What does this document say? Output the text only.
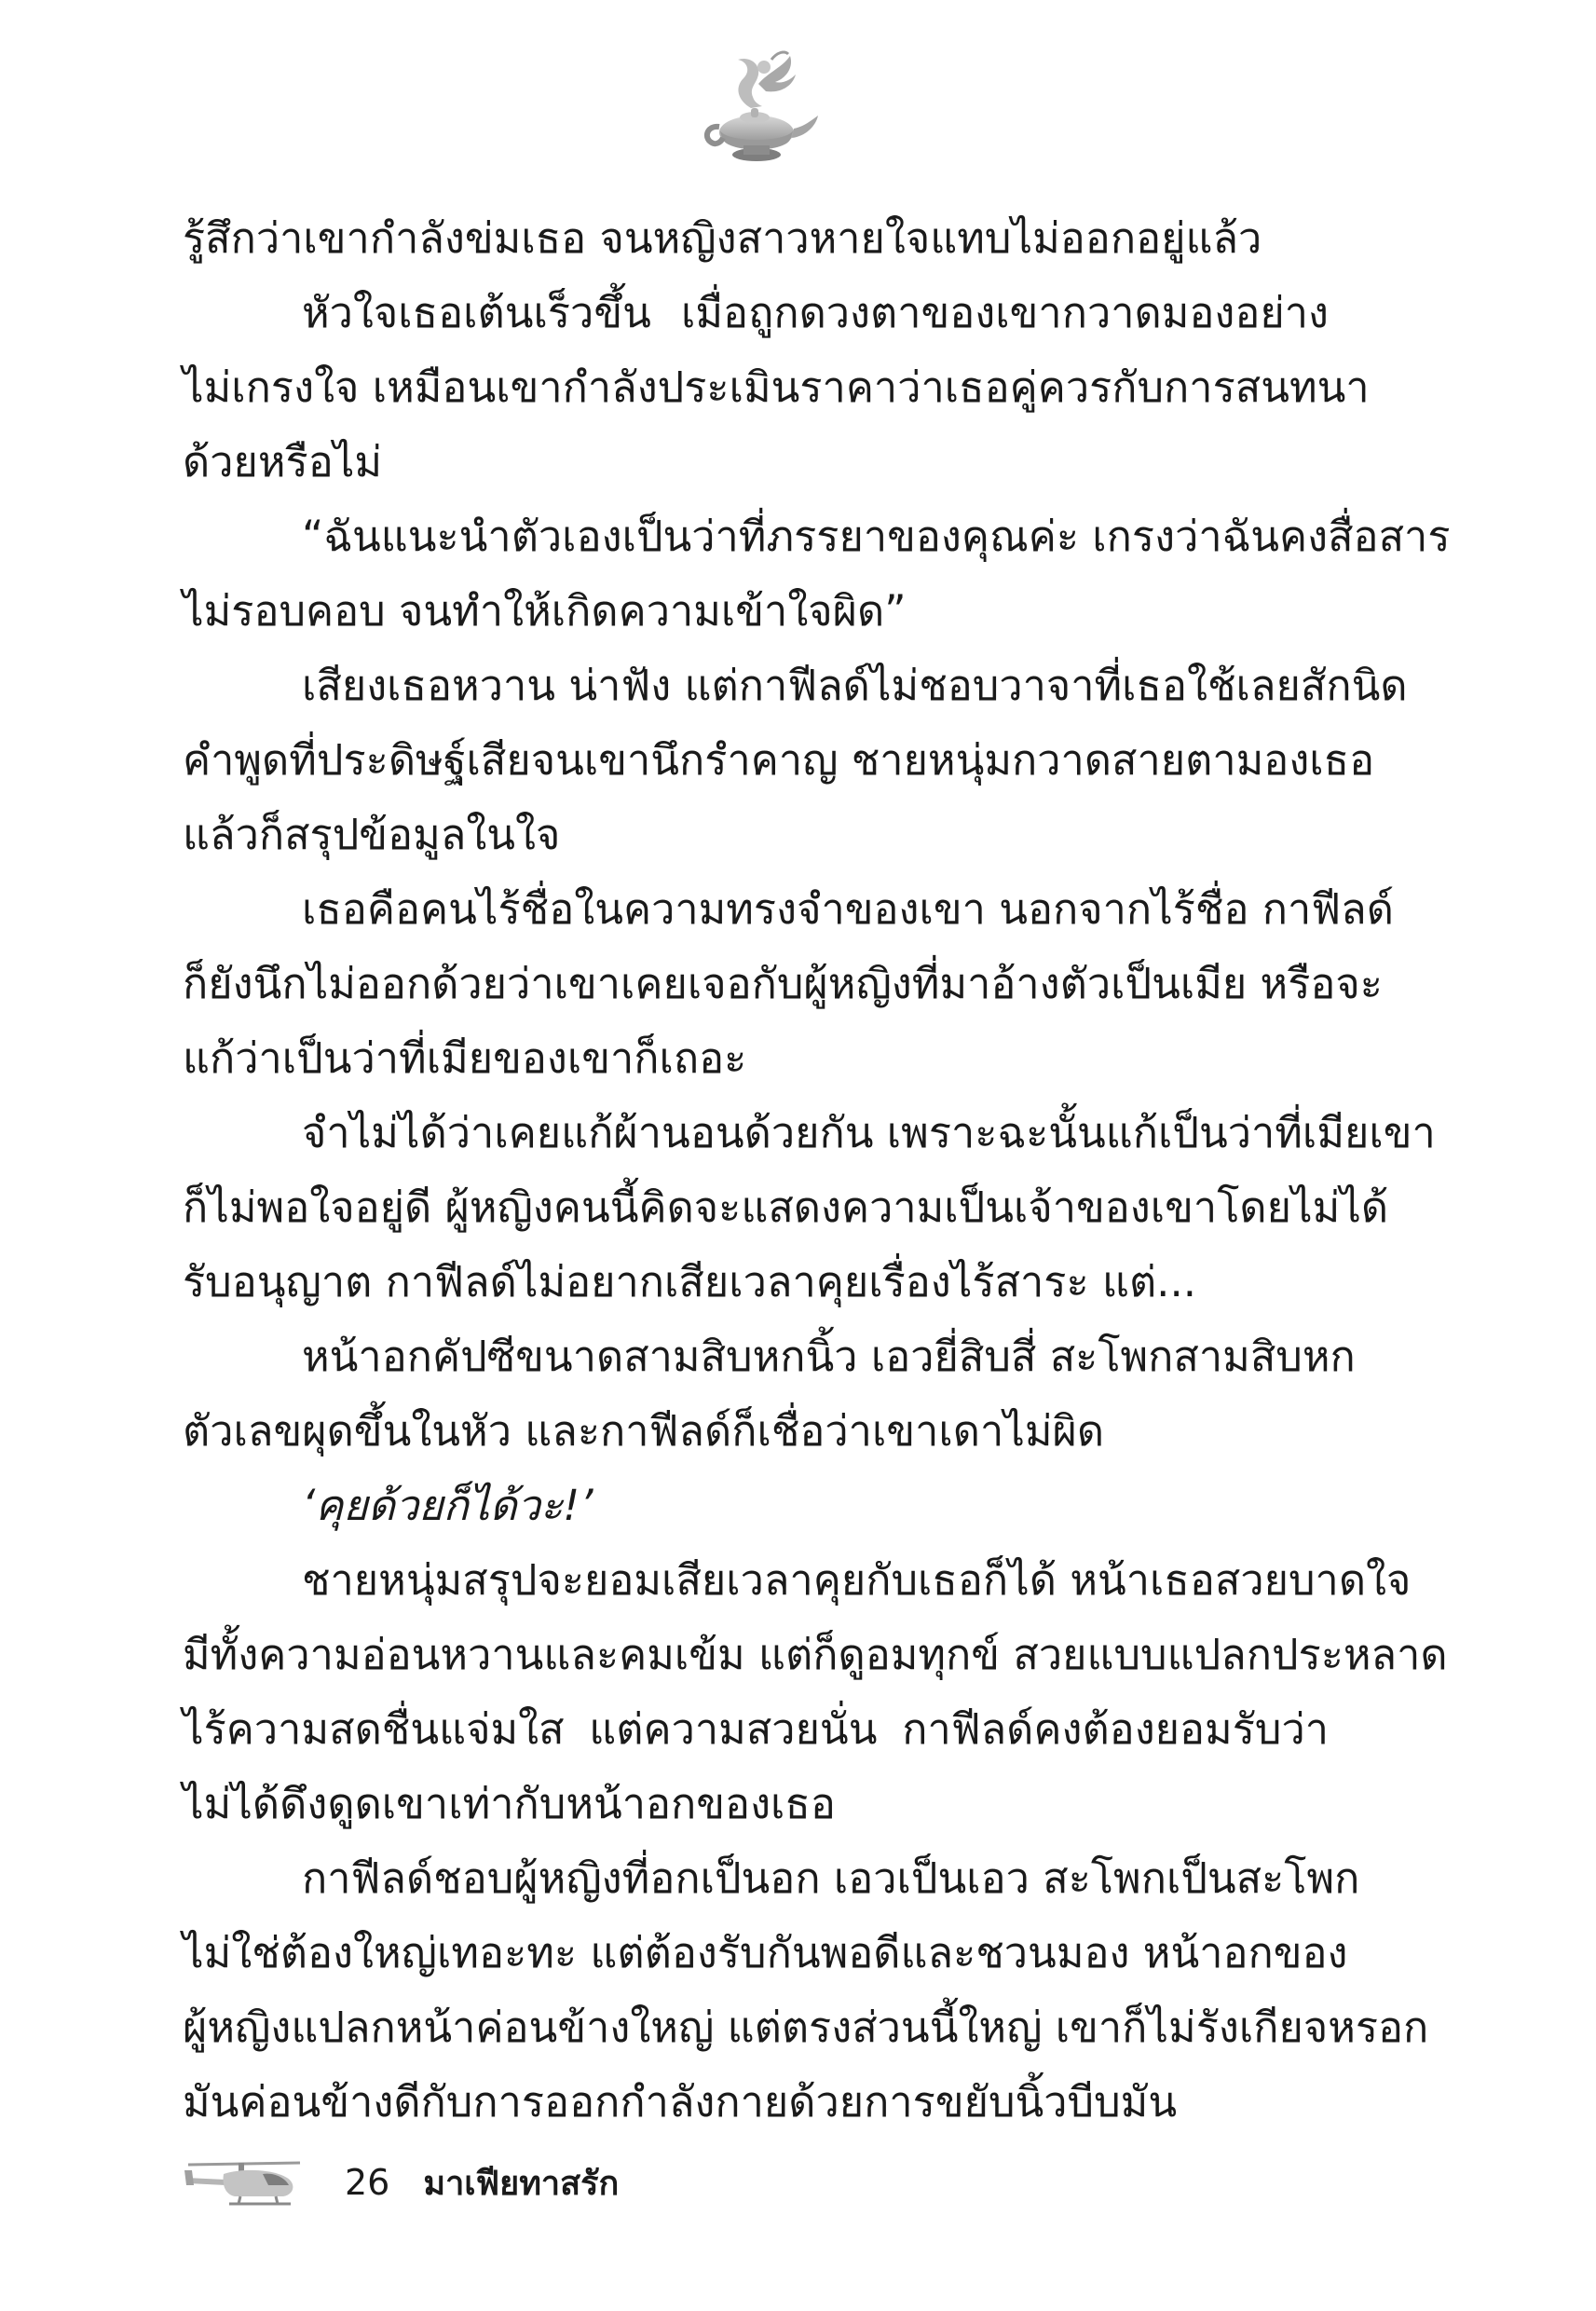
รู้สึกว่าเขากำลังข่มเธอ จนหญิงสาวหายใจแทบไม่ออกอยู่แล้ว
หัวใจเธอเต้นเร็วขึ้น เมื่อถูกดวงตาของเขากวาดมองอย่าง
ไม่เกรงใจ เหมือนเขากำลังประเมินราคาว่าเธอคู่ควรกับการสนทนา
ด้วยหรือไม่
“ฉันแนะนำตัวเองเป็นว่าที่ภรรยาของคุณค่ะ เกรงว่าฉันคงสื่อสาร
ไม่รอบคอบ จนทำให้เกิดความเข้าใจผิด”
เสียงเธอหวาน น่าฟัง แต่กาฟีลด์ไม่ชอบวาจาที่เธอใช้เลยสักนิด
คำพูดที่ประดิษฐ์เสียจนเขานึกรำคาญ ชายหนุ่มกวาดสายตามองเธอ
แล้วก็สรุปข้อมูลในใจ
เธอคือคนไร้ชื่อในความทรงจำของเขา นอกจากไร้ชื่อ กาฟีลด์
ก็ยังนึกไม่ออกด้วยว่าเขาเคยเจอกับผู้หญิงที่มาอ้างตัวเป็นเมีย หรือจะ
แก้ว่าเป็นว่าที่เมียของเขาก็เถอะ
จำไม่ได้ว่าเคยแก้ผ้านอนด้วยกัน เพราะฉะนั้นแก้เป็นว่าที่เมียเขา
ก็ไม่พอใจอยู่ดี ผู้หญิงคนนี้คิดจะแสดงความเป็นเจ้าของเขาโดยไม่ได้
รับอนุญาต กาฟีลด์ไม่อยากเสียเวลาคุยเรื่องไร้สาระ แต่...
หน้าอกคัปซีขนาดสามสิบหกนิ้ว เอวยี่สิบสี่ สะโพกสามสิบหก
ตัวเลขผุดขึ้นในหัว และกาฟีลด์ก็เชื่อว่าเขาเดาไม่ผิด
‘คุยด้วยก็ได้วะ!’
ชายหนุ่มสรุปจะยอมเสียเวลาคุยกับเธอก็ได้ หน้าเธอสวยบาดใจ
มีทั้งความอ่อนหวานและคมเข้ม แต่ก็ดูอมทุกข์ สวยแบบแปลกประหลาด
ไร้ความสดชื่นแจ่มใส แต่ความสวยนั่น กาฟีลด์คงต้องยอมรับว่า
ไม่ได้ดึงดูดเขาเท่ากับหน้าอกของเธอ
กาฟีลด์ชอบผู้หญิงที่อกเป็นอก เอวเป็นเอว สะโพกเป็นสะโพก
ไม่ใช่ต้องใหญ่เทอะทะ แต่ต้องรับกันพอดีและชวนมอง หน้าอกของ
ผู้หญิงแปลกหน้าค่อนข้างใหญ่ แต่ตรงส่วนนี้ใหญ่ เขาก็ไม่รังเกียจหรอก
มันค่อนข้างดีกับการออกกำลังกายด้วยการขยับนิ้วบีบมัน
26 มาเฟียทาสรัก
